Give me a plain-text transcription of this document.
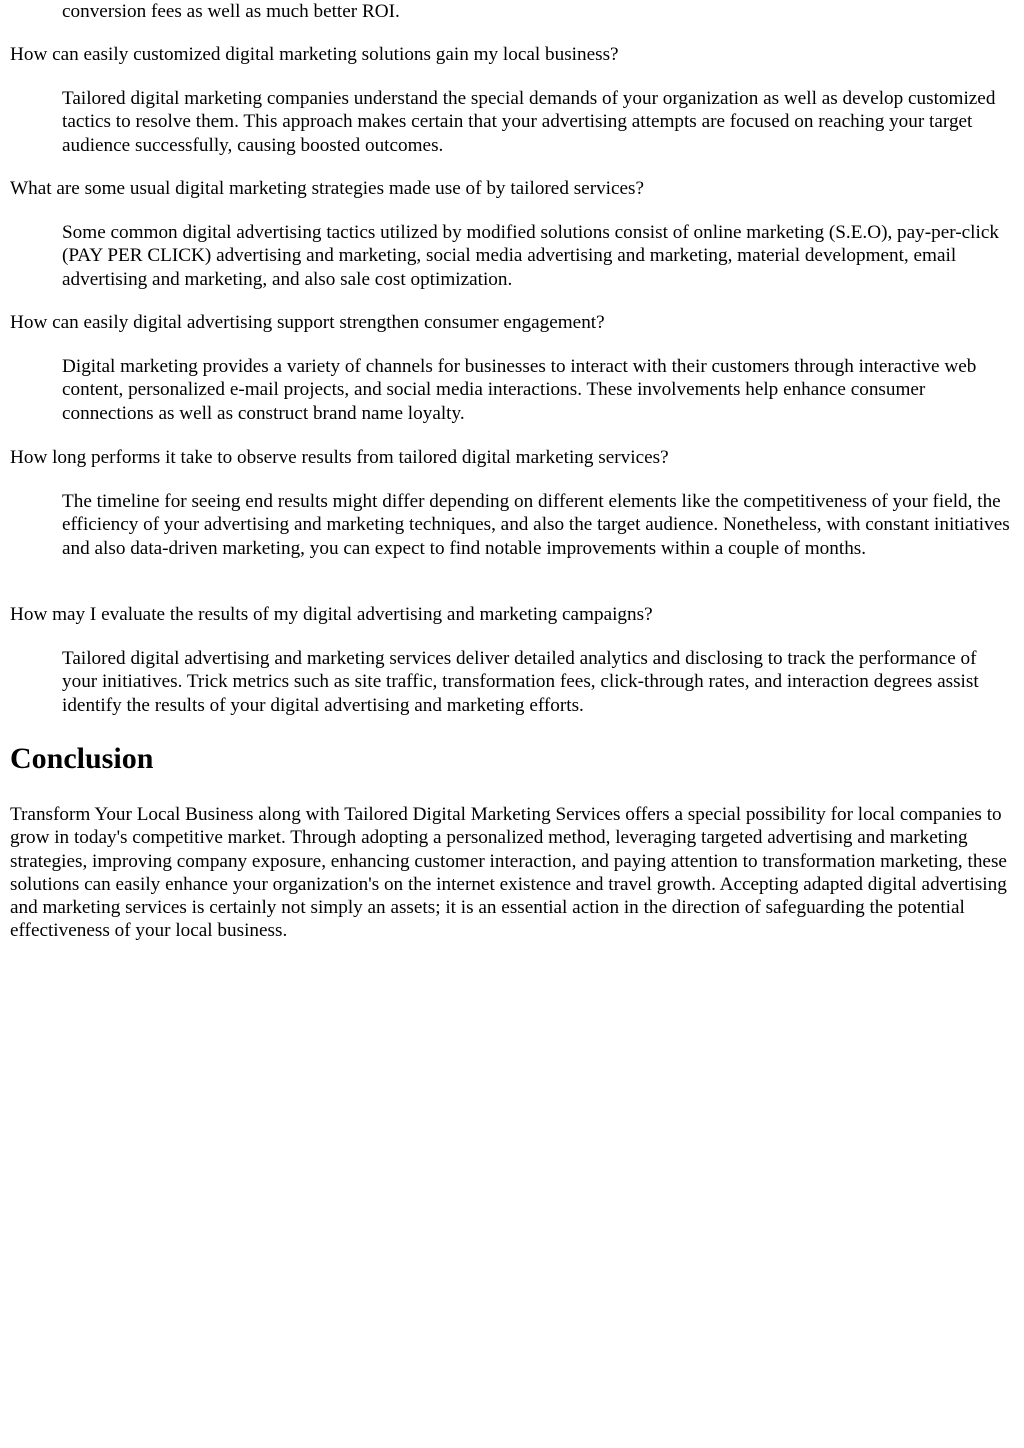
conversion fees as well as much better ROI.

How can easily customized digital marketing solutions gain my local business?

Tailored digital marketing companies understand the special demands of your organization as well as develop customized tactics to resolve them. This approach makes certain that your advertising attempts are focused on reaching your target audience successfully, causing boosted outcomes.

What are some usual digital marketing strategies made use of by tailored services?

Some common digital advertising tactics utilized by modified solutions consist of online marketing (S.E.O), pay-per-click (PAY PER CLICK) advertising and marketing, social media advertising and marketing, material development, email advertising and marketing, and also sale cost optimization.

How can easily digital advertising support strengthen consumer engagement?

Digital marketing provides a variety of channels for businesses to interact with their customers through interactive web content, personalized e-mail projects, and social media interactions. These involvements help enhance consumer connections as well as construct brand name loyalty.

How long performs it take to observe results from tailored digital marketing services?

The timeline for seeing end results might differ depending on different elements like the competitiveness of your field, the efficiency of your advertising and marketing techniques, and also the target audience. Nonetheless, with constant initiatives and also data-driven marketing, you can expect to find notable improvements within a couple of months.

How may I evaluate the results of my digital advertising and marketing campaigns?

Tailored digital advertising and marketing services deliver detailed analytics and disclosing to track the performance of your initiatives. Trick metrics such as site traffic, transformation fees, click-through rates, and interaction degrees assist identify the results of your digital advertising and marketing efforts.

Conclusion

Transform Your Local Business along with Tailored Digital Marketing Services offers a special possibility for local companies to grow in today's competitive market. Through adopting a personalized method, leveraging targeted advertising and marketing strategies, improving company exposure, enhancing customer interaction, and paying attention to transformation marketing, these solutions can easily enhance your organization's on the internet existence and travel growth. Accepting adapted digital advertising and marketing services is certainly not simply an assets; it is an essential action in the direction of safeguarding the potential effectiveness of your local business.
